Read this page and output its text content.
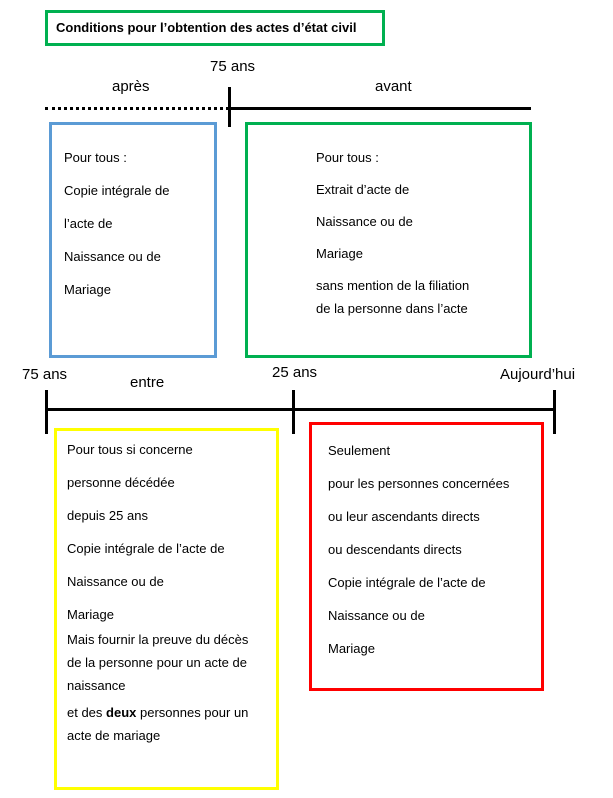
Conditions pour l’obtention des actes d’état civil
après
75 ans
avant

Pour tous :

Copie intégrale de

l’acte de

Naissance ou de

Mariage

Pour tous :

Extrait d’acte de

Naissance ou de

Mariage

sans mention de la filiation

de la personne dans l’acte

75 ans	entre
25 ans	Aujourd’hui

Pour tous si concerne

personne décédée

depuis 25 ans

Copie intégrale de l’acte de

Naissance ou de

Mariage

Mais fournir la preuve du décès

de la personne pour un acte de

naissance

et des deux personnes pour un

acte de mariage

Seulement

pour les personnes concernées

ou leur ascendants directs

ou descendants directs

Copie intégrale de l’acte de

Naissance ou de

Mariage
